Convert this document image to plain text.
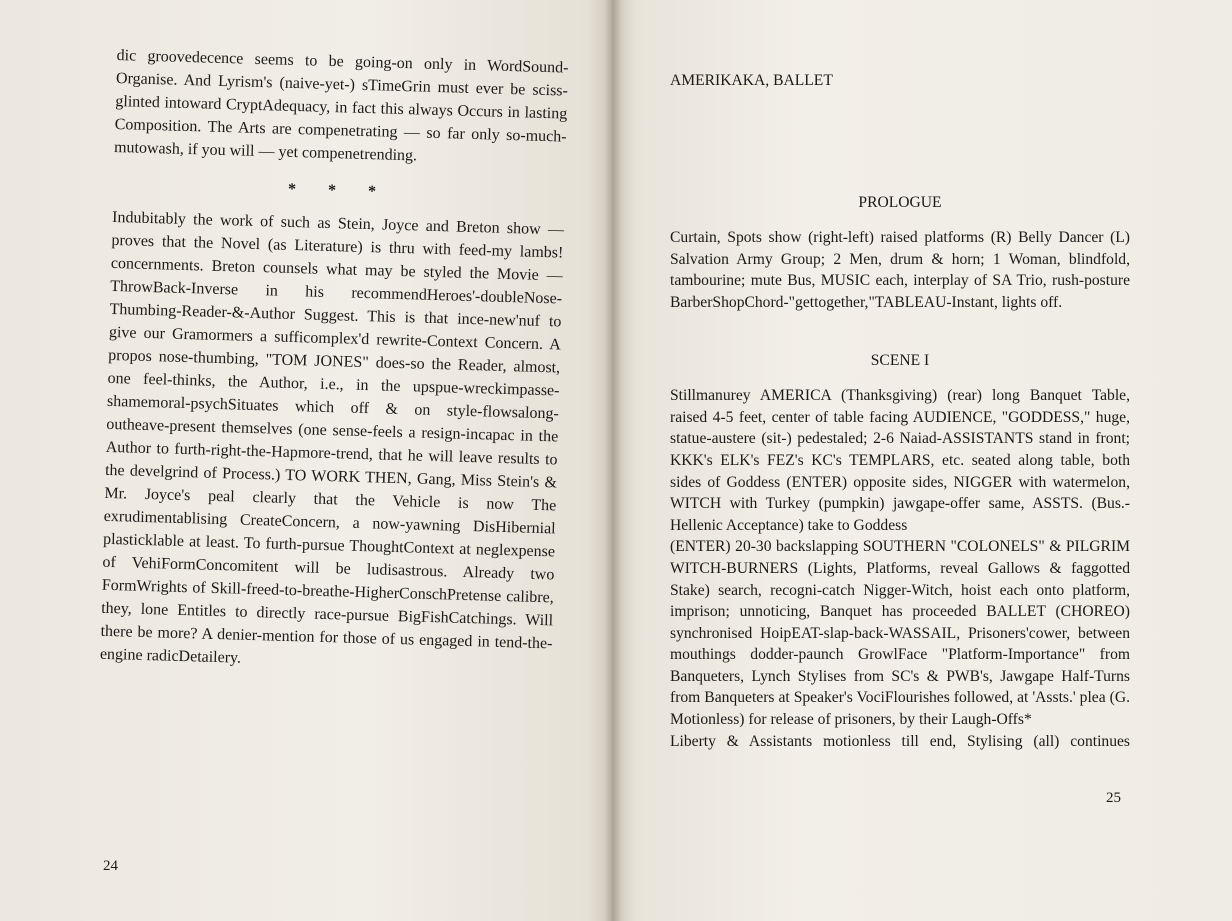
dic groovedecence seems to be going-on only in WordSound-Organise. And Lyrism's (naive-yet-) sTimeGrin must ever be sciss-glinted intoward CryptAdequacy, in fact this always Occurs in lasting Composition. The Arts are compenetrating — so far only so-much-mutowash, if you will — yet compenetrending.

* * *

Indubitably the work of such as Stein, Joyce and Breton show — proves that the Novel (as Literature) is thru with feed-my lambs! concernments. Breton counsels what may be styled the Movie — ThrowBack-Inverse in his recommendHeroes'-doubleNose-Thumbing-Reader-&-Author Suggest. This is that ince-new'nuf to give our Gramormers a sufficomplex'd rewrite-Context Concern. A propos nose-thumbing, "TOM JONES" does-so the Reader, almost, one feel-thinks, the Author, i.e., in the upspue-wreckimpasse-shamemoral-psychSituates which off & on style-flowsalong-outheave-present themselves (one sense-feels a resign-incapac in the Author to furth-right-the-Hapmore-trend, that he will leave results to the develgrind of Process.) TO WORK THEN, Gang, Miss Stein's & Mr. Joyce's peal clearly that the Vehicle is now The exrudimentablising CreateConcern, a now-yawning DisHibernial plasticklable at least. To furth-pursue ThoughtContext at neglexpense of VehiFormConcomitent will be ludisastrous. Already two FormWrights of Skill-freed-to-breathe-HigherConschPretense calibre, they, lone Entitles to directly race-pursue BigFishCatchings. Will there be more? A denier-mention for those of us engaged in tend-the-engine radicDetailery.

24

AMERIKAKA, BALLET

PROLOGUE

Curtain, Spots show (right-left) raised platforms (R) Belly Dancer (L) Salvation Army Group; 2 Men, drum & horn; 1 Woman, blindfold, tambourine; mute Bus, MUSIC each, interplay of SA Trio, rush-posture BarberShopChord-"gettogether,"TABLEAU-Instant, lights off.

SCENE I

Stillmanurey AMERICA (Thanksgiving) (rear) long Banquet Table, raised 4-5 feet, center of table facing AUDIENCE, "GODDESS," huge, statue-austere (sit-) pedestaled; 2-6 Naiad-ASSISTANTS stand in front; KKK's ELK's FEZ's KC's TEMPLARS, etc. seated along table, both sides of Goddess (ENTER) opposite sides, NIGGER with watermelon, WITCH with Turkey (pumpkin) jawgape-offer same, ASSTS. (Bus.-Hellenic Acceptance) take to Goddess

(ENTER) 20-30 backslapping SOUTHERN "COLONELS" & PILGRIM WITCH-BURNERS (Lights, Platforms, reveal Gallows & faggotted Stake) search, recogni-catch Nigger-Witch, hoist each onto platform, imprison; unnoticing, Banquet has proceeded BALLET (CHOREO) synchronised HoipEAT-slap-back-WASSAIL, Prisoners'cower, between mouthings dodder-paunch GrowlFace "Platform-Importance" from Banqueters, Lynch Stylises from SC's & PWB's, Jawgape Half-Turns from Banqueters at Speaker's VociFlourishes followed, at 'Assts.' plea (G. Motionless) for release of prisoners, by their Laugh-Offs*

Liberty & Assistants motionless till end, Stylising (all) continues

25
